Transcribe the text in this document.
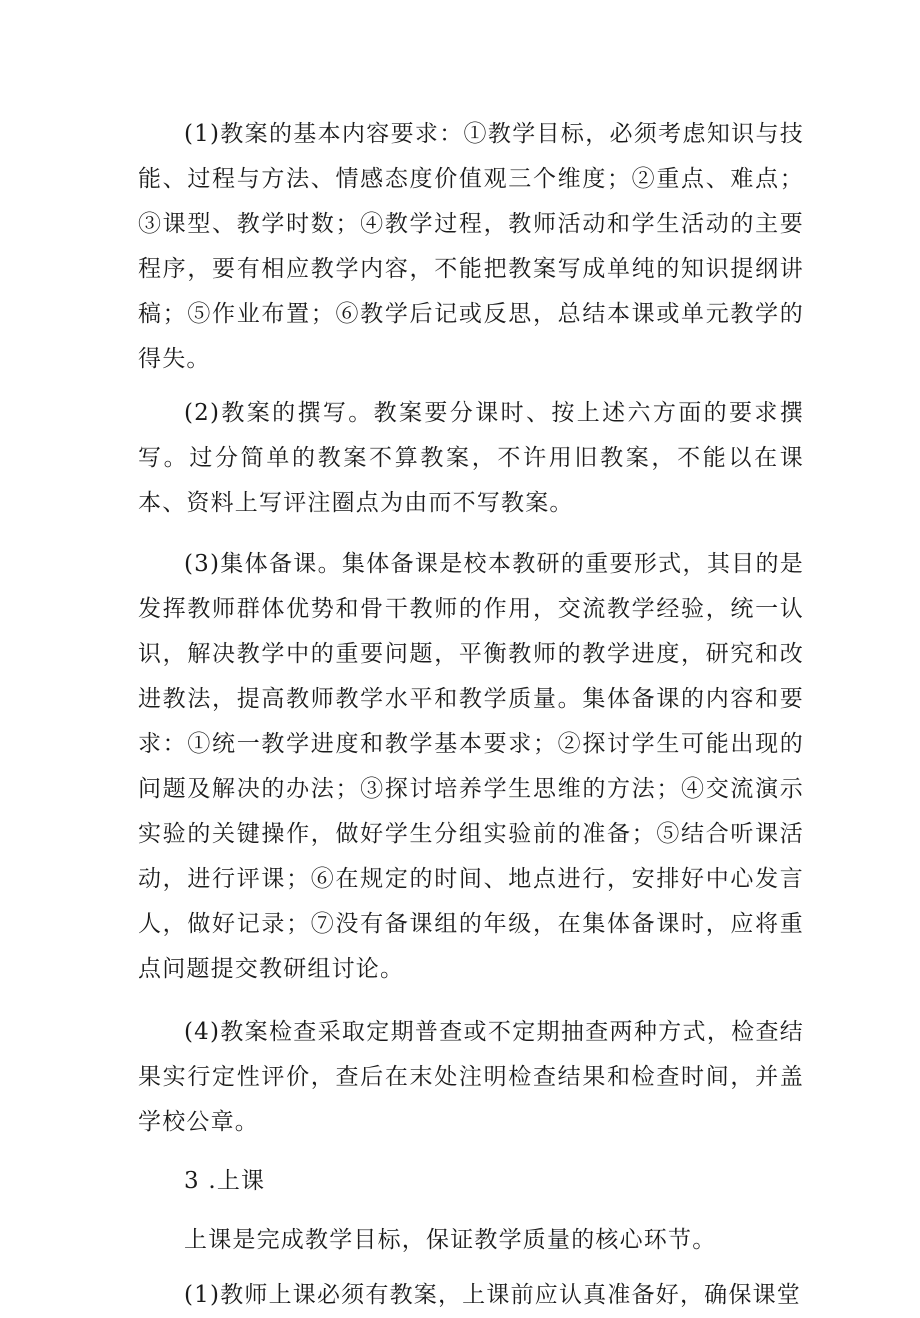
(1)教案的基本内容要求：①教学目标，必须考虑知识与技能、过程与方法、情感态度价值观三个维度；②重点、难点；③课型、教学时数；④教学过程，教师活动和学生活动的主要程序，要有相应教学内容，不能把教案写成单纯的知识提纲讲稿；⑤作业布置；⑥教学后记或反思，总结本课或单元教学的得失。

(2)教案的撰写。教案要分课时、按上述六方面的要求撰写。过分简单的教案不算教案，不许用旧教案，不能以在课本、资料上写评注圈点为由而不写教案。

(3)集体备课。集体备课是校本教研的重要形式，其目的是发挥教师群体优势和骨干教师的作用，交流教学经验，统一认识，解决教学中的重要问题，平衡教师的教学进度，研究和改进教法，提高教师教学水平和教学质量。集体备课的内容和要求：①统一教学进度和教学基本要求；②探讨学生可能出现的问题及解决的办法；③探讨培养学生思维的方法；④交流演示实验的关键操作，做好学生分组实验前的准备；⑤结合听课活动，进行评课；⑥在规定的时间、地点进行，安排好中心发言人，做好记录；⑦没有备课组的年级，在集体备课时，应将重点问题提交教研组讨论。

(4)教案检查采取定期普查或不定期抽查两种方式，检查结果实行定性评价，查后在末处注明检查结果和检查时间，并盖学校公章。

3 .上课

上课是完成教学目标，保证教学质量的核心环节。

(1)教师上课必须有教案，上课前应认真准备好，确保课堂
